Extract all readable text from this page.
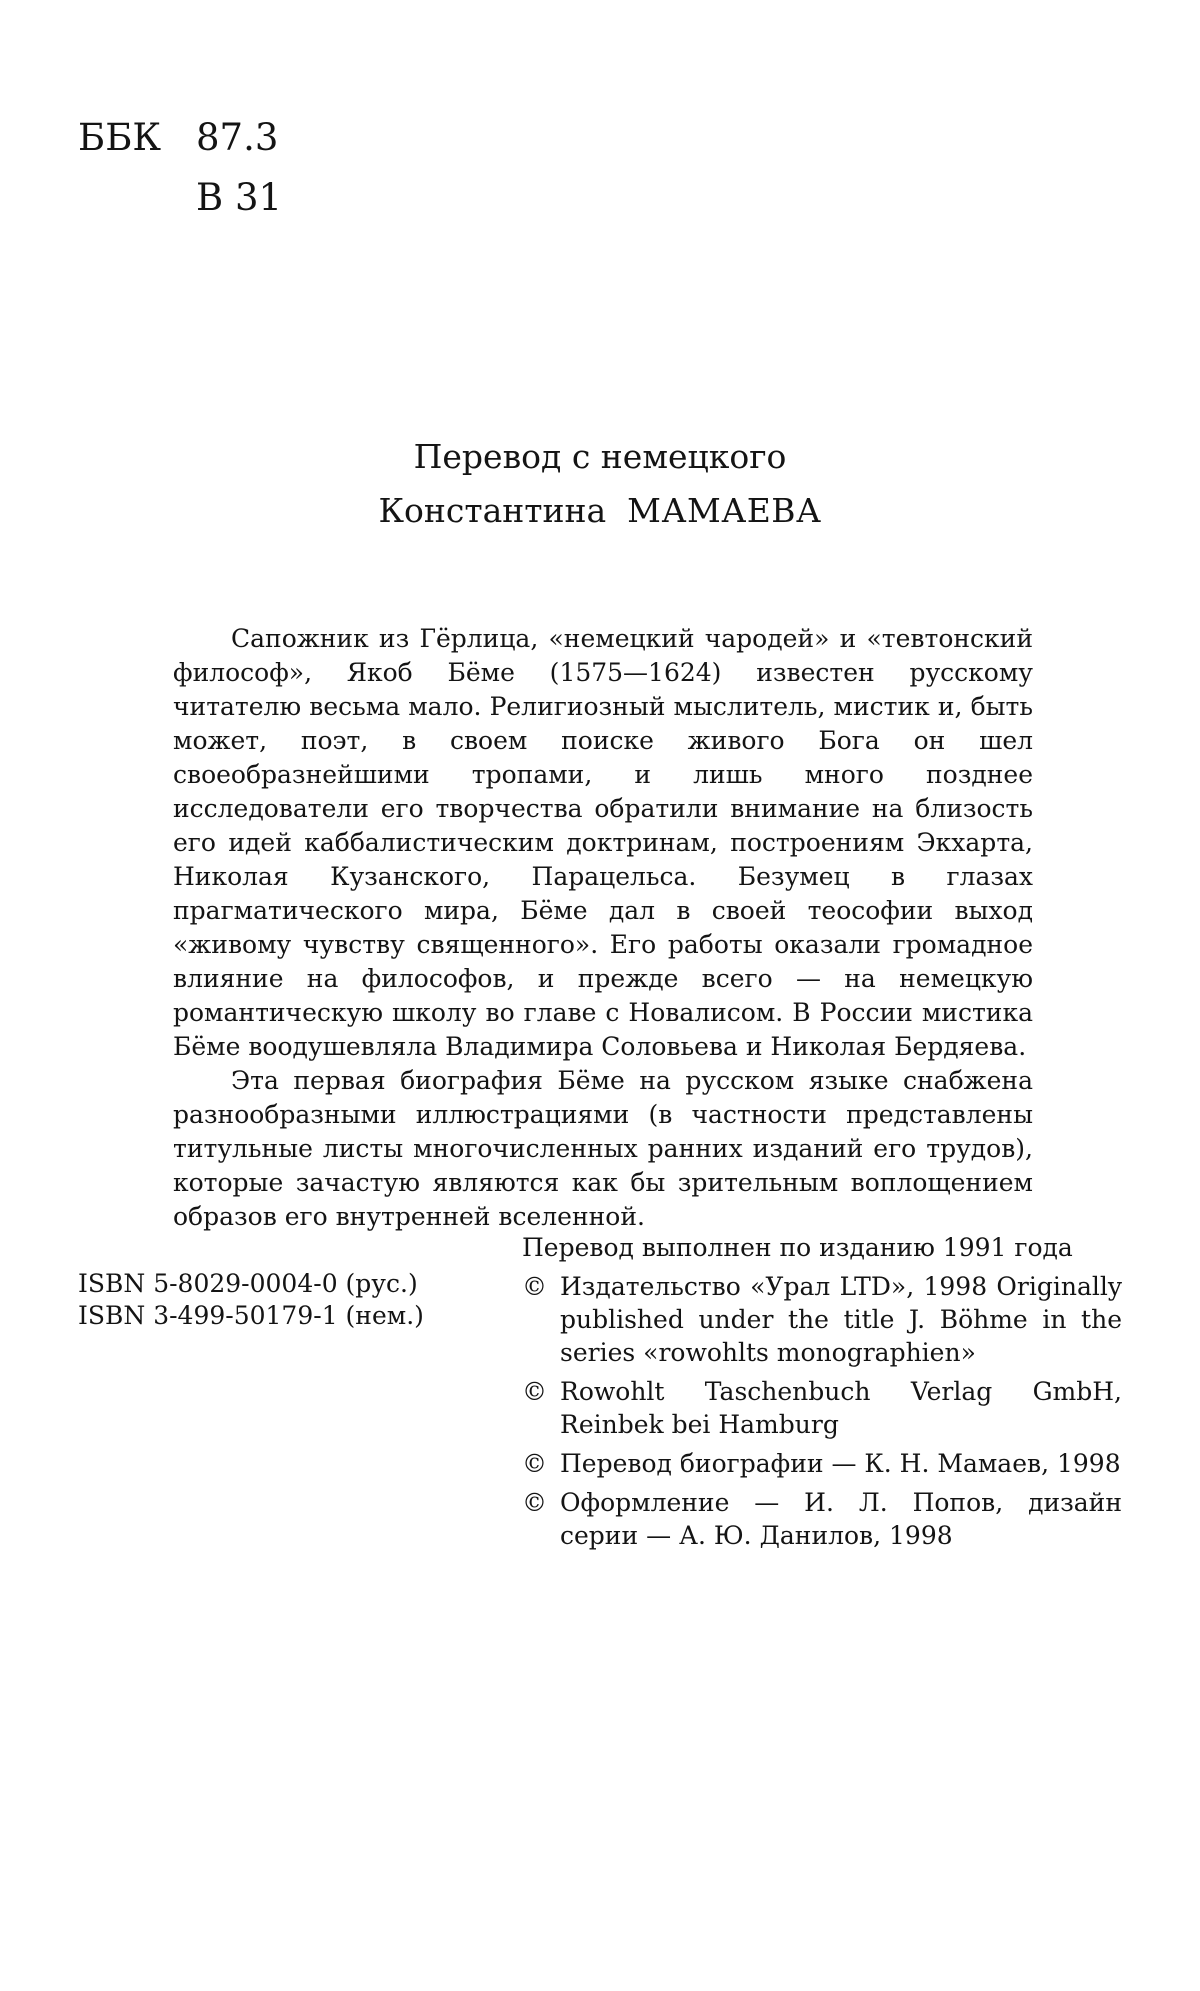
ББК 87.3
В 31
Перевод с немецкого
Константина МАМАЕВА

Сапожник из Гёрлица, «немецкий чародей» и «тевтонский философ», Якоб Бёме (1575—1624) известен русскому читателю весьма мало. Религиозный мыслитель, мистик и, быть может, поэт, в своем поиске живого Бога он шел своеобразнейшими тропами, и лишь много позднее исследователи его творчества обратили внимание на близость его идей каббалистическим доктринам, построениям Экхарта, Николая Кузанского, Парацельса. Безумец в глазах прагматического мира, Бёме дал в своей теософии выход «живому чувству священного». Его работы оказали громадное влияние на философов, и прежде всего — на немецкую романтическую школу во главе с Новалисом. В России мистика Бёме воодушевляла Владимира Соловьева и Николая Бердяева.

Эта первая биография Бёме на русском языке снабжена разнообразными иллюстрациями (в частности представлены титульные листы многочисленных ранних изданий его трудов), которые зачастую являются как бы зрительным воплощением образов его внутренней вселенной.

ISBN 5-8029-0004-0 (рус.)
ISBN 3-499-50179-1 (нем.)
Перевод выполнен по изданию 1991 года
© Издательство «Урал LTD», 1998 Originally published under the title J. Böhme in the series «rowohlts monographien»
© Rowohlt Taschenbuch Verlag GmbH, Reinbek bei Hamburg
© Перевод биографии — К. Н. Мамаев, 1998
© Оформление — И. Л. Попов, дизайн серии — А. Ю. Данилов, 1998
